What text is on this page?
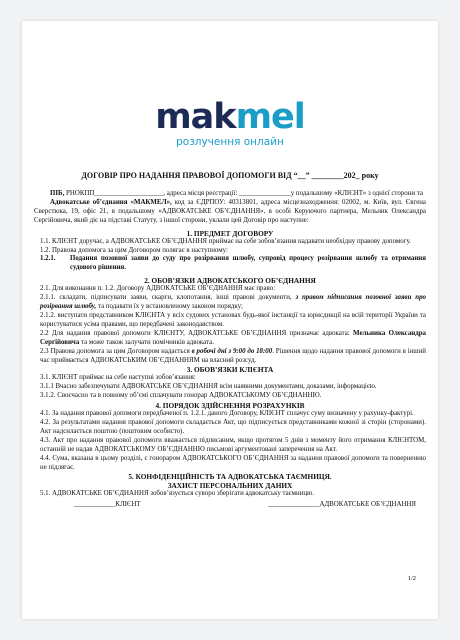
makmel
розлучення онлайн
ДОГОВІР ПРО НАДАННЯ ПРАВОВОЇ ДОПОМОГИ ВІД “__” ________202_ року

ПІБ, РНОКПП____________________, адреса місця реєстрації: _______________у подальшому «КЛІЄНТ» з однієї сторони та

Адвокатське об’єднання «МАКМЕЛ», код за ЄДРПОУ: 40313801, адреса місцезнаходження: 02002, м. Київ, вул. Євгена Сверстюка, 19, офіс 21, в подальшому «АДВОКАТСЬКЕ ОБ’ЄДНАННЯ», в особі Керуючого партнера, Мельник Олександра Сергійовича, який діє на підставі Статуту, з іншої сторони, уклали цей Договір про наступне:

1. ПРЕДМЕТ ДОГОВОРУ

1.1. КЛІЄНТ доручає, а АДВОКАТСЬКЕ ОБ’ЄДНАННЯ приймає на себе зобов’язання надавати необхідну правову допомогу.

1.2. Правова допомога за цим Договором полягає в наступному:

1.2.1.	Подання позовної заяви до суду про розірвання шлюбу, супровід процесу розірвання шлюбу та отримання судового рішення.

2. ОБОВ’ЯЗКИ АДВОКАТСЬКОГО ОБ’ЄДНАННЯ

2.1. Для виконання п. 1.2. Договору АДВОКАТСЬКЕ ОБ’ЄДНАННЯ має право:

2.1.1. складати, підписувати заяви, скарги, клопотання, інші правові документи, з правом підписання позовної заяви про розірвання шлюбу, та подавати їх у встановленому законом порядку;

2.1.2. виступати представником КЛІЄНТА у всіх судових установах будь-якої інстанції та юрисдикції на всій території України та користуватися усіма правами, що передбачені законодавством.

2.2 Для надання правової допомоги КЛІЄНТУ, АДВОКАТСЬКЕ ОБ’ЄДНАННЯ призначає адвоката: Мельника Олександра Сергійовича та може також залучати помічників адвоката.

2.3 Правова допомога за цим Договором надається в робочі дні з 9:00 до 18:00. Рішення щодо надання правової допомоги в інший час приймається АДВОКАТСЬКИМ ОБ’ЄДНАННЯМ на власний розсуд.

3. ОБОВ’ЯЗКИ КЛІЄНТА

3.1. КЛІЄНТ приймає на себе наступні зобов’язання:

3.1.1 Вчасно забезпечувати АДВОКАТСЬКЕ ОБ’ЄДНАННЯ всім наявними документами, доказами, інформацією.

3.1.2. Своєчасно та в повному об’ємі сплачувати гонорар АДВОКАТСЬКОМУ ОБ’ЄДНАННЮ.

4. ПОРЯДОК ЗДІЙСНЕННЯ РОЗРАХУНКІВ

4.1. За надання правової допомоги передбаченої п. 1.2.1. даного Договору, КЛІЄНТ сплачує суму визначену у рахунку-фактурі.

4.2. За результатами надання правової допомоги складається Акт, що підписується представниками кожної зі сторін (сторонами). Акт надсилається поштою (поштовим особисто).

4.3. Акт про надання правової допомоги вважається підписаним, якщо протягом 5 днів з моменту його отримання КЛІЄНТОМ, останній не надав АДВОКАТСЬКОМУ ОБ’ЄДНАННЮ письмові аргументовані заперечення на Акт.

4.4. Сума, вказана в цьому розділі, є гонораром АДВОКАТСЬКОГО ОБ’ЄДНАННЯ за надання правової допомоги та поверненню не підлягає.

5. КОНФІДЕНЦІЙНІСТЬ ТА АДВОКАТСЬКА ТАЄМНИЦЯ.
ЗАХИСТ ПЕРСОНАЛЬНИХ ДАНИХ

5.1. АДВОКАТСЬКЕ ОБ’ЄДНАННЯ зобов’язується суворо зберігати адвокатську таємницю.

____________КЛІЄНТ	_______________АДВОКАТСЬКЕ ОБ’ЄДНАННЯ
1/2
